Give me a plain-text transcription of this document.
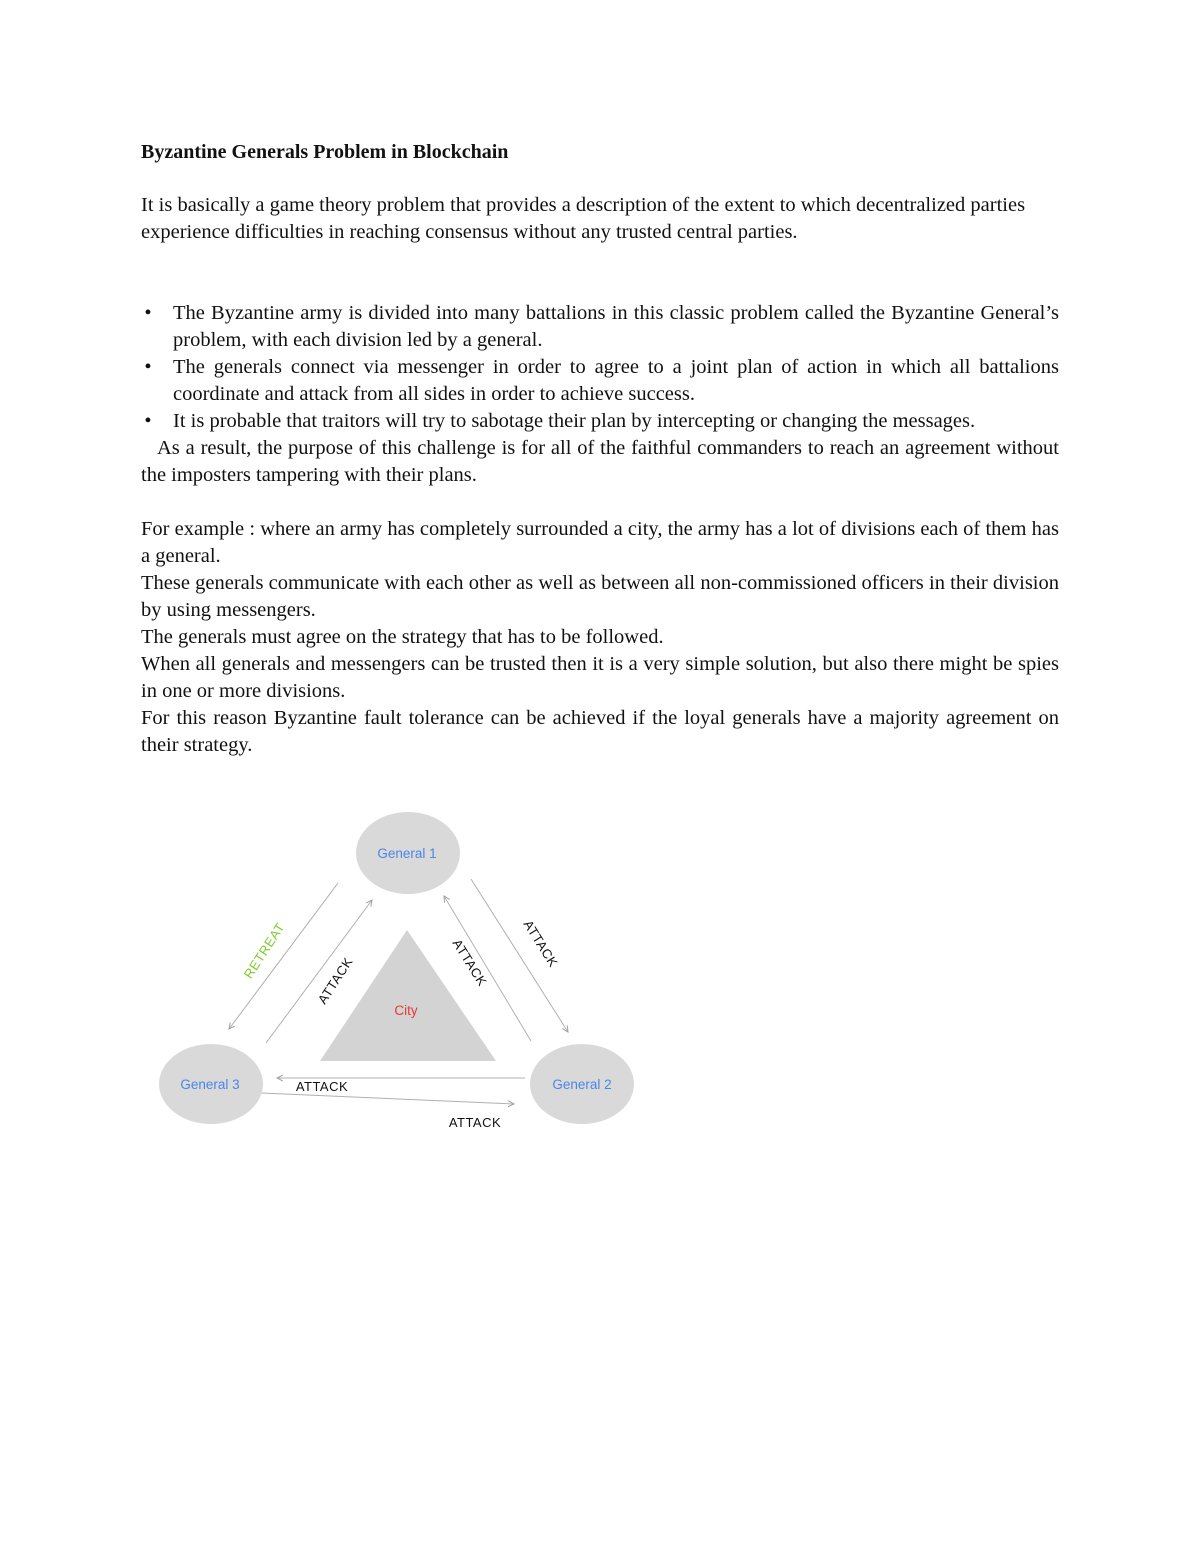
Byzantine Generals Problem in Blockchain

It is basically a game theory problem that provides a description of the extent to which decentralized parties experience difficulties in reaching consensus without any trusted central parties.

• The Byzantine army is divided into many battalions in this classic problem called the Byzantine General’s problem, with each division led by a general.
• The generals connect via messenger in order to agree to a joint plan of action in which all battalions coordinate and attack from all sides in order to achieve success.
• It is probable that traitors will try to sabotage their plan by intercepting or changing the messages.

As a result, the purpose of this challenge is for all of the faithful commanders to reach an agreement without the imposters tampering with their plans.

For example : where an army has completely surrounded a city, the army has a lot of divisions each of them has a general.

These generals communicate with each other as well as between all non-commissioned officers in their division by using messengers.

The generals must agree on the strategy that has to be followed.

When all generals and messengers can be trusted then it is a very simple solution, but also there might be spies in one or more divisions.

For this reason Byzantine fault tolerance can be achieved if the loyal generals have a majority agreement on their strategy.

City
General 1
General 3	General 2
RETREAT ATTACK	ATTACK ATTACK
ATTACK
ATTACK
